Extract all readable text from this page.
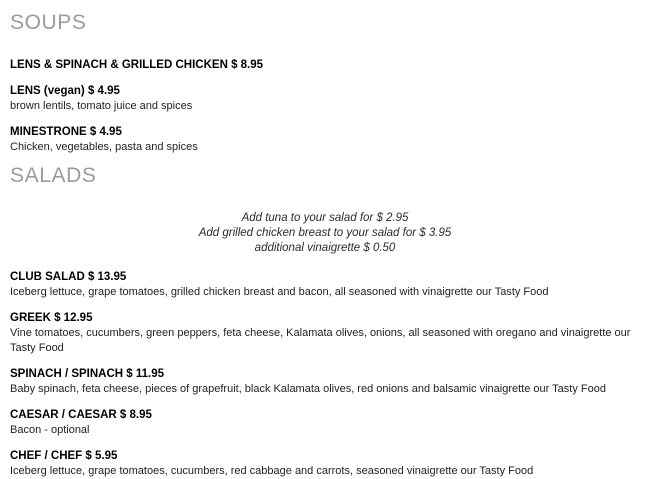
SOUPS

LENS & SPINACH & GRILLED CHICKEN $ 8.95

LENS (vegan) $ 4.95

brown lentils, tomato juice and spices

MINESTRONE $ 4.95

Chicken, vegetables, pasta and spices

SALADS
Add tuna to your salad for $ 2.95
Add grilled chicken breast to your salad for $ 3.95
additional vinaigrette $ 0.50

CLUB SALAD $ 13.95

Iceberg lettuce, grape tomatoes, grilled chicken breast and bacon, all seasoned with vinaigrette our Tasty Food

GREEK $ 12.95

Vine tomatoes, cucumbers, green peppers, feta cheese, Kalamata olives, onions, all seasoned with oregano and vinaigrette our Tasty Food

SPINACH / SPINACH $ 11.95

Baby spinach, feta cheese, pieces of grapefruit, black Kalamata olives, red onions and balsamic vinaigrette our Tasty Food

CAESAR / CAESAR $ 8.95

Bacon - optional

CHEF / CHEF $ 5.95

Iceberg lettuce, grape tomatoes, cucumbers, red cabbage and carrots, seasoned vinaigrette our Tasty Food
